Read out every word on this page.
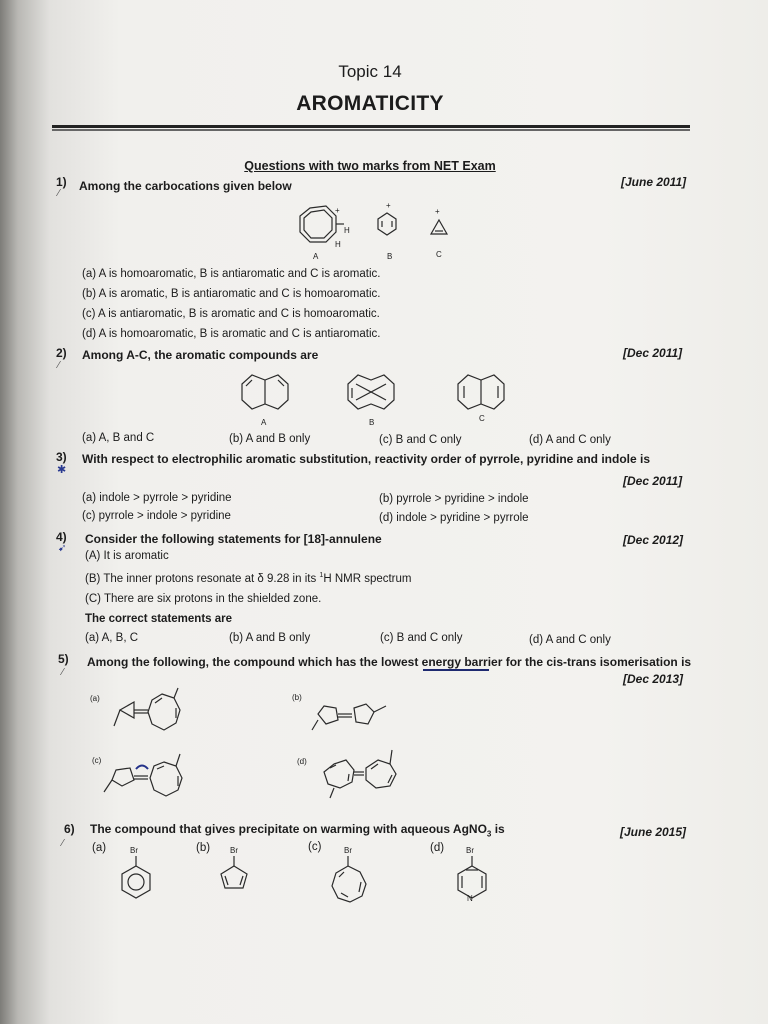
Topic 14
AROMATICITY
Questions with two marks from NET Exam
1)
⁄
Among the carbocations given below	[June 2011]
+
H
H
A
+
B
+
C
(a) A is homoaromatic, B is antiaromatic and C is aromatic.
(b) A is aromatic, B is antiaromatic and C is homoaromatic.
(c) A is antiaromatic, B is aromatic and C is homoaromatic.
(d) A is homoaromatic, B is aromatic and C is antiaromatic.
2)
⁄
Among A-C, the aromatic compounds are	[Dec 2011]
A	B	C
(a) A, B and C	(b) A and B only	(c) B and C only	(d) A and C only
3)
✱
With respect to electrophilic aromatic substitution, reactivity order of pyrrole, pyridine and indole is
[Dec 2011]
(a) indole > pyrrole > pyridine	(b) pyrrole > pyridine > indole
(c) pyrrole > indole > pyridine	(d) indole > pyridine > pyrrole
4)
➹
Consider the following statements for [18]-annulene	[Dec 2012]
(A) It is aromatic
(B) The inner protons resonate at δ 9.28 in its $^1$H NMR spectrum
(C) There are six protons in the shielded zone.
The correct statements are
(a) A, B, C	(b) A and B only	(c) B and C only	(d) A and C only
5)
⁄
Among the following, the compound which has the lowest energy barrier for the cis-trans isomerisation is
[Dec 2013]
(a)	(b)
(c)	(d)
6) The compound that gives precipitate on warming with aqueous AgNO$_3$ is	[June 2015]
⁄ (a)	Br	(b) Br	(c)	Br	(d)	Br
N
